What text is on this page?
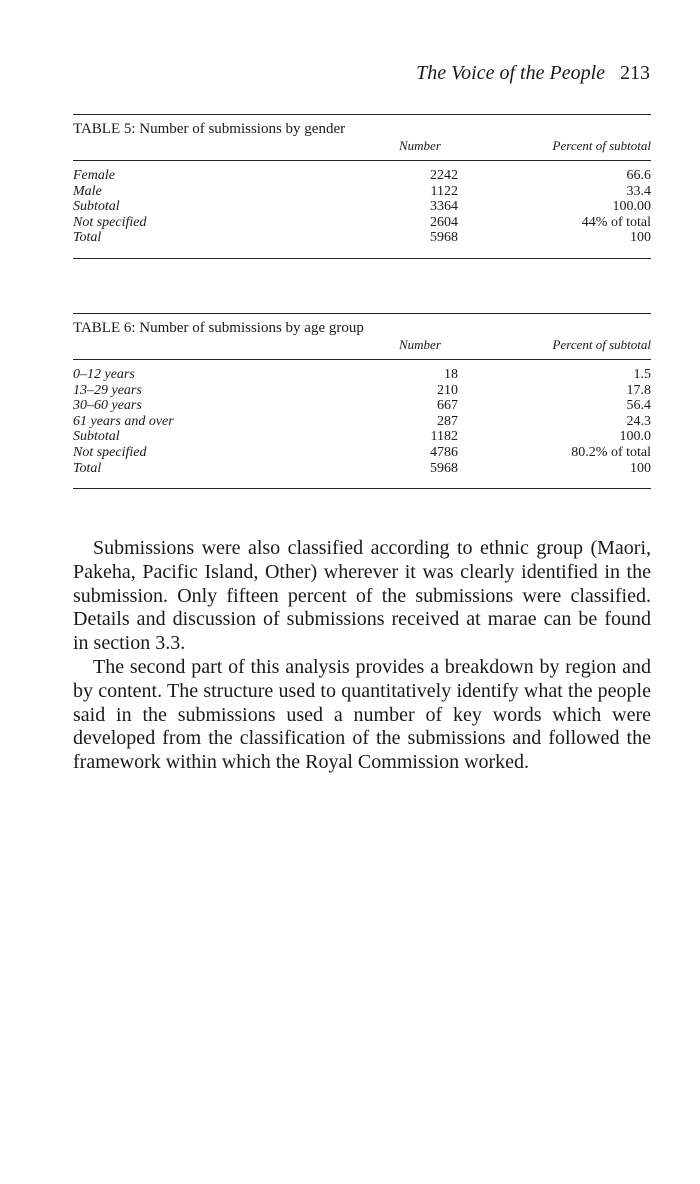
The Voice of the People 213
TABLE 5: Number of submissions by gender
Number	Percent of subtotal
Female	2242	66.6
Male	1122	33.4
Subtotal	3364	100.00
Not specified	2604	44% of total
Total	5968	100
TABLE 6: Number of submissions by age group
Number	Percent of subtotal
0–12 years	18	1.5
13–29 years	210	17.8
30–60 years	667	56.4
61 years and over	287	24.3
Subtotal	1182	100.0
Not specified	4786	80.2% of total
Total	5968	100

Submissions were also classified according to ethnic group (Maori, Pakeha, Pacific Island, Other) wherever it was clearly identified in the submission. Only fifteen percent of the submissions were classified. Details and discussion of submissions received at marae can be found in section 3.3.

The second part of this analysis provides a breakdown by region and by content. The structure used to quantitatively identify what the people said in the submissions used a number of key words which were developed from the classification of the submissions and followed the framework within which the Royal Commission worked.
